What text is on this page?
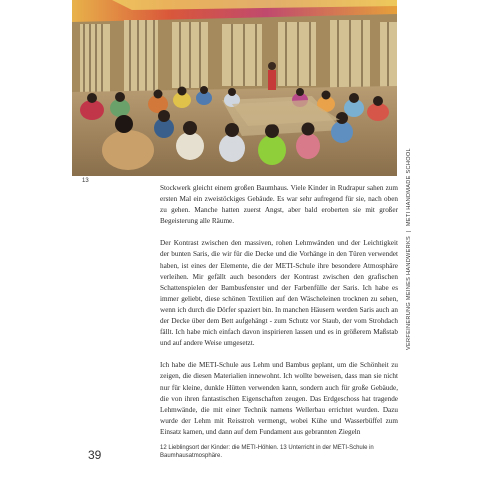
13

Stockwerk gleicht einem großen Baumhaus. Viele Kinder in Rudrapur sahen zum ersten Mal ein zweistöckiges Gebäude. Es war sehr aufregend für sie, nach oben zu gehen. Manche hatten zuerst Angst, aber bald eroberten sie mit großer Begeisterung alle Räume.

Der Kontrast zwischen den massiven, rohen Lehmwänden und der Leichtigkeit der bunten Saris, die wir für die Decke und die Vorhänge in den Türen verwendet haben, ist eines der Elemente, die der METI-Schule ihre besondere Atmosphäre verleihen. Mir gefällt auch besonders der Kontrast zwischen den grafischen Schattenspielen der Bambusfenster und der Farbenfülle der Saris. Ich habe es immer geliebt, diese schönen Textilien auf den Wäscheleinen trocknen zu sehen, wenn ich durch die Dörfer spaziert bin. In manchen Häusern werden Saris auch an der Decke über dem Bett aufgehängt - zum Schutz vor Staub, der vom Strohdach fällt. Ich habe mich einfach davon inspirieren lassen und es in größerem Maßstab und auf andere Weise umgesetzt.

Ich habe die METI-Schule aus Lehm und Bambus geplant, um die Schönheit zu zeigen, die diesen Materialien innewohnt. Ich wollte beweisen, dass man sie nicht nur für kleine, dunkle Hütten verwenden kann, sondern auch für große Gebäude, die von ihren fantastischen Eigenschaften zeugen. Das Erdgeschoss hat tragende Lehmwände, die mit einer Technik namens Wellerbau errichtet wurden. Dazu wurde der Lehm mit Reisstroh vermengt, wobei Kühe und Wasserbüffel zum Einsatz kamen, und dann auf dem Fundament aus gebrannten Ziegeln

39	12 Lieblingsort der Kinder: die METI-Höhlen. 13 Unterricht in der METI-Schule in
Baumhausatmosphäre.
VERFEINERUNG MEINES HANDWERKS|METI HANDMADE SCHOOL
